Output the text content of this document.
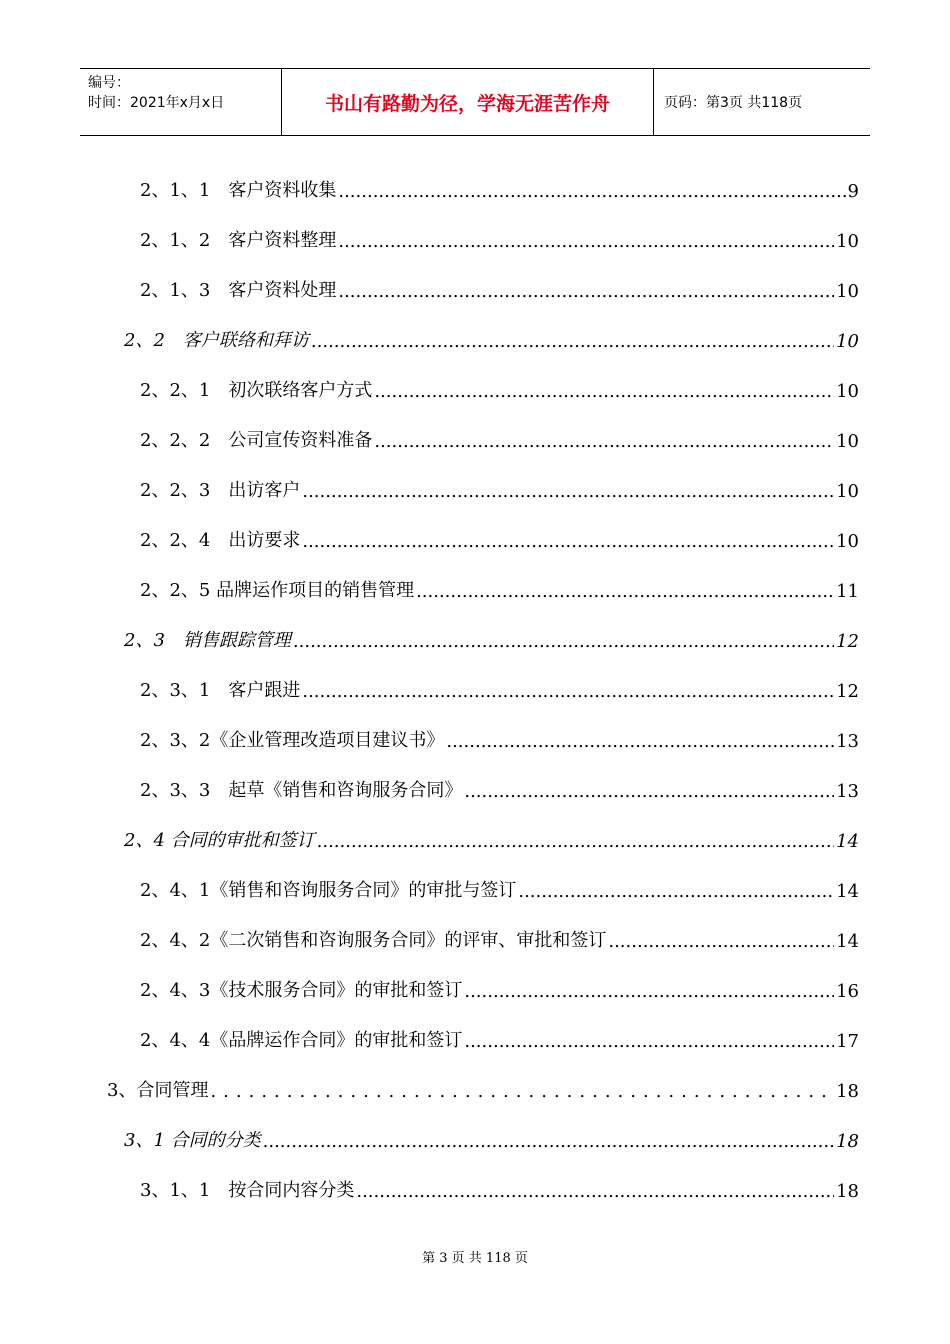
编号：
时间：2021年x月x日	书山有路勤为径，学海无涯苦作舟	页码：第3页 共118页
2、1、1　客户资料收集 .....	9
2、1、2　客户资料整理 .....	10
2、1、3　客户资料处理 .....	10
2、2　客户联络和拜访 .....	10
2、2、1　初次联络客户方式 .....	10
2、2、2　公司宣传资料准备 .....	10
2、2、3　出访客户 .....	10
2、2、4　出访要求 .....	10
2、2、5 品牌运作项目的销售管理 .....	11
2、3　销售跟踪管理 .....	12
2、3、1　客户跟进 .....	12
2、3、2《企业管理改造项目建议书》 .....	13
2、3、3　起草《销售和咨询服务合同》 .....	13
2、4 合同的审批和签订 .....	14
2、4、1《销售和咨询服务合同》的审批与签订 .....	14
2、4、2《二次销售和咨询服务合同》的评审、审批和签订 .....	14
2、4、3《技术服务合同》的审批和签订 .....	16
2、4、4《品牌运作合同》的审批和签订 .....	17
3、合同管理 .....	18
3、1 合同的分类 .....	18
3、1、1　按合同内容分类 .....	18
第 3 页 共 118 页
